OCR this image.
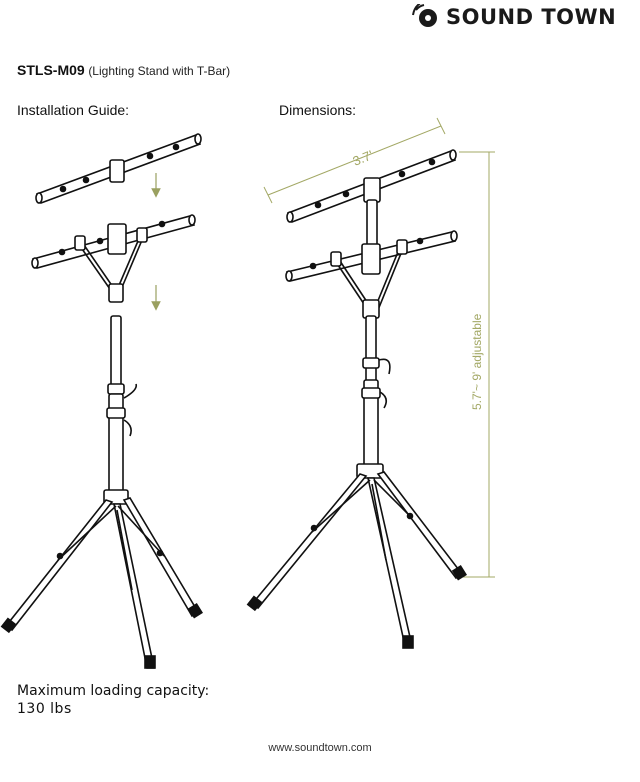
SOUND TOWN
STLS-M09 (Lighting Stand with T-Bar)
Installation Guide:	Dimensions:
3.7'
5.7'~ 9' adjustable
Maximum loading capacity:
130 lbs
www.soundtown.com
